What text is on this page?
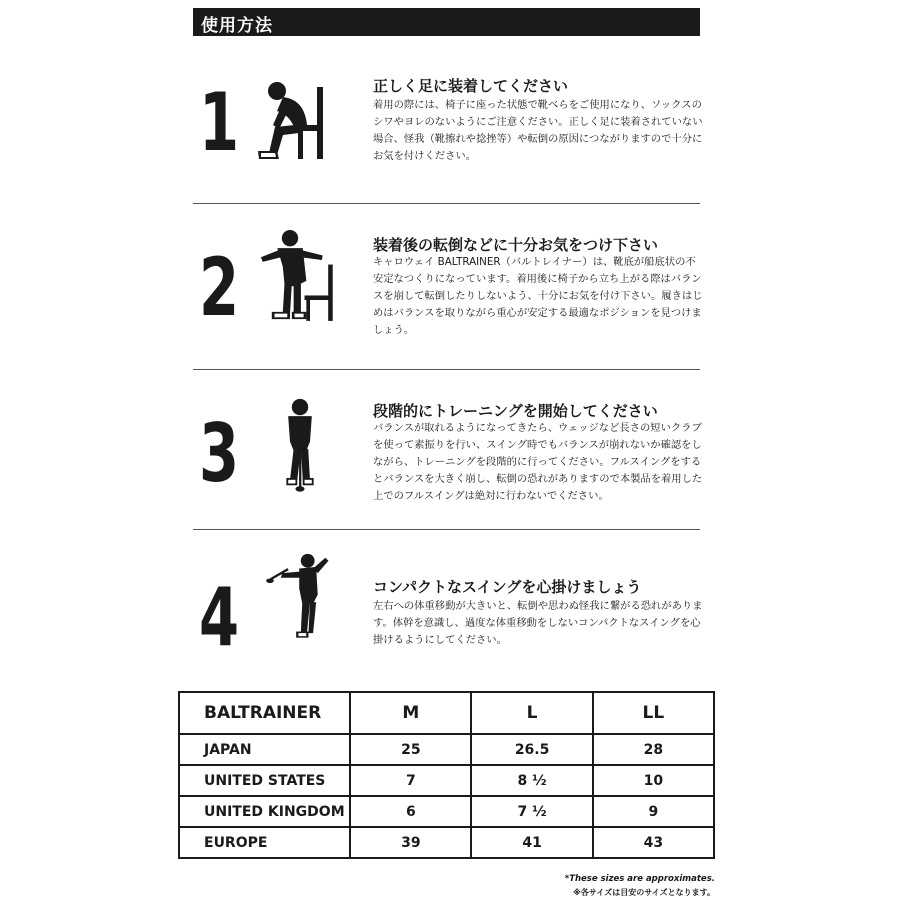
使用方法
1	正しく足に装着してください
着用の際には、椅子に座った状態で靴べらをご使用になり、ソックスのシワやヨレのないようにご注意ください。正しく足に装着されていない場合、怪我（靴擦れや捻挫等）や転倒の原因につながりますので十分にお気を付けください。
2	装着後の転倒などに十分お気をつけ下さい
キャロウェイ BALTRAINER（バルトレイナー）は、靴底が船底状の不安定なつくりになっています。着用後に椅子から立ち上がる際はバランスを崩して転倒したりしないよう、十分にお気を付け下さい。履きはじめはバランスを取りながら重心が安定する最適なポジションを見つけましょう。
3	段階的にトレーニングを開始してください
バランスが取れるようになってきたら、ウェッジなど長さの短いクラブを使って素振りを行い、スイング時でもバランスが崩れないか確認をしながら、トレーニングを段階的に行ってください。フルスイングをするとバランスを大きく崩し、転倒の恐れがありますので本製品を着用した上でのフルスイングは絶対に行わないでください。
4	コンパクトなスイングを心掛けましょう
左右への体重移動が大きいと、転倒や思わぬ怪我に繋がる恐れがあります。体幹を意識し、過度な体重移動をしないコンパクトなスイングを心掛けるようにしてください。
BALTRAINER	M	L	LL
JAPAN	25	26.5	28
UNITED STATES	7	8 ½	10
UNITED KINGDOM	6	7 ½	9
EUROPE	39	41	43
*These sizes are approximates.
※各サイズは目安のサイズとなります。
